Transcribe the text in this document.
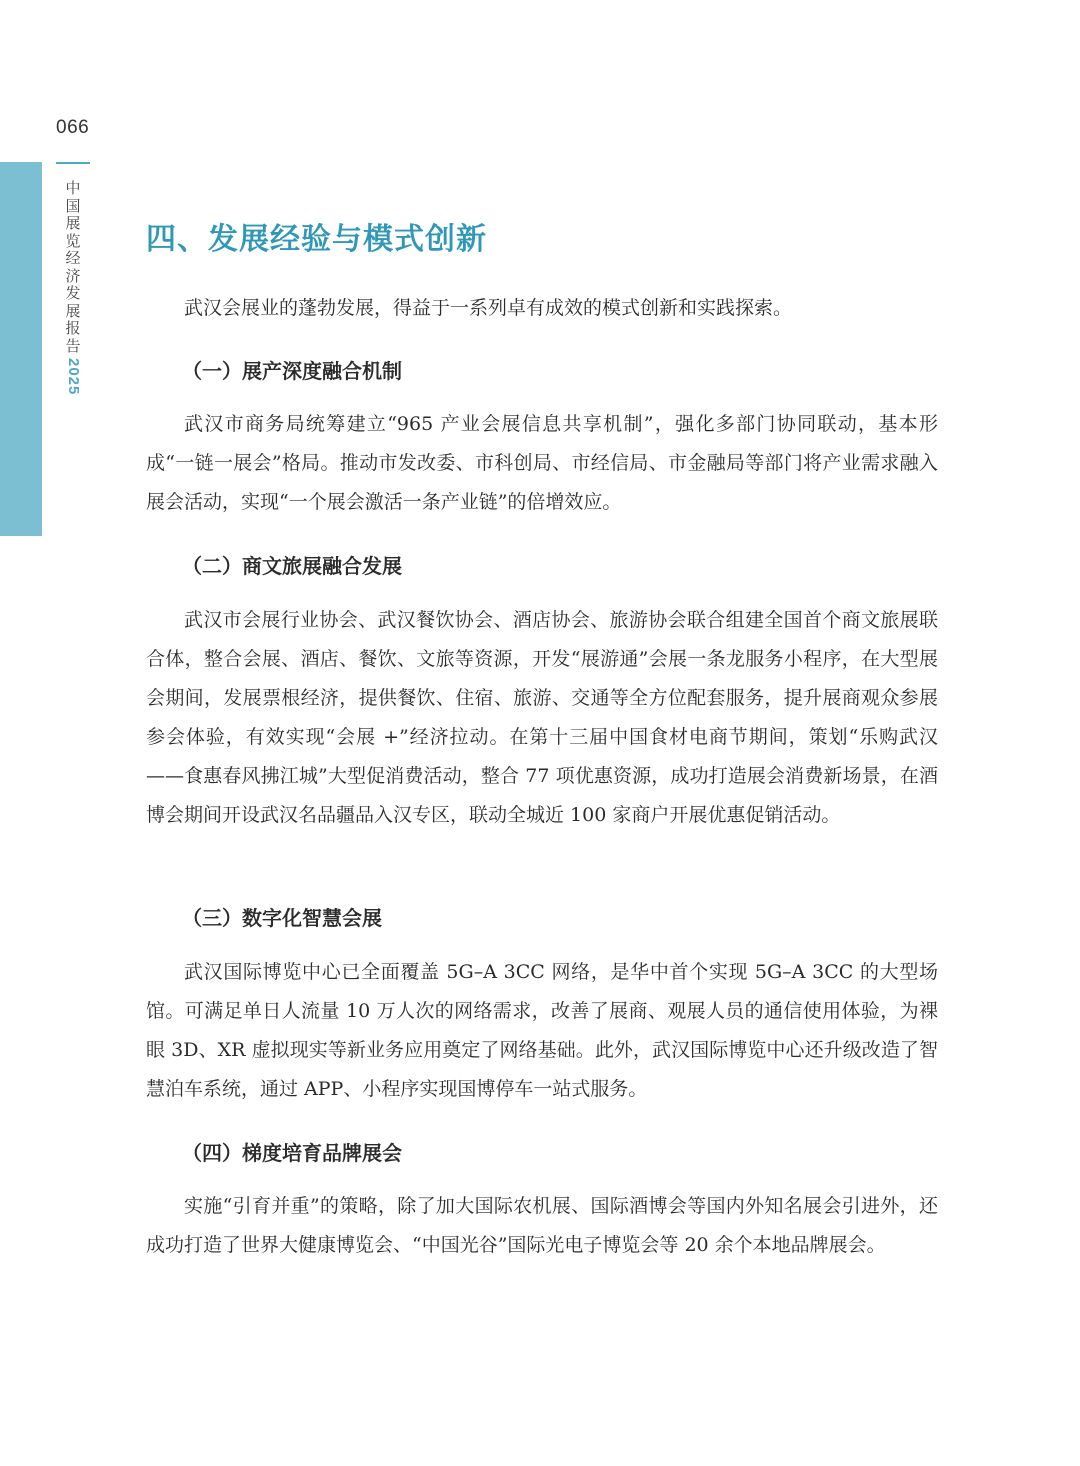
066
中
国
展
览
经
济
发
展
报
告
2025
四、发展经验与模式创新

武汉会展业的蓬勃发展，得益于一系列卓有成效的模式创新和实践探索。

（一）展产深度融合机制

武汉市商务局统筹建立“965 产业会展信息共享机制”，强化多部门协同联动，基本形成“一链一展会”格局。推动市发改委、市科创局、市经信局、市金融局等部门将产业需求融入展会活动，实现“一个展会激活一条产业链”的倍增效应。

（二）商文旅展融合发展

武汉市会展行业协会、武汉餐饮协会、酒店协会、旅游协会联合组建全国首个商文旅展联合体，整合会展、酒店、餐饮、文旅等资源，开发“展游通”会展一条龙服务小程序，在大型展会期间，发展票根经济，提供餐饮、住宿、旅游、交通等全方位配套服务，提升展商观众参展参会体验，有效实现“会展 +”经济拉动。在第十三届中国食材电商节期间，策划“乐购武汉——食惠春风拂江城”大型促消费活动，整合 77 项优惠资源，成功打造展会消费新场景，在酒博会期间开设武汉名品疆品入汉专区，联动全城近 100 家商户开展优惠促销活动。

（三）数字化智慧会展

武汉国际博览中心已全面覆盖 5G–A 3CC 网络，是华中首个实现 5G–A 3CC 的大型场馆。可满足单日人流量 10 万人次的网络需求，改善了展商、观展人员的通信使用体验，为裸眼 3D、XR 虚拟现实等新业务应用奠定了网络基础。此外，武汉国际博览中心还升级改造了智慧泊车系统，通过 APP、小程序实现国博停车一站式服务。

（四）梯度培育品牌展会

实施“引育并重”的策略，除了加大国际农机展、国际酒博会等国内外知名展会引进外，还成功打造了世界大健康博览会、“中国光谷”国际光电子博览会等 20 余个本地品牌展会。
